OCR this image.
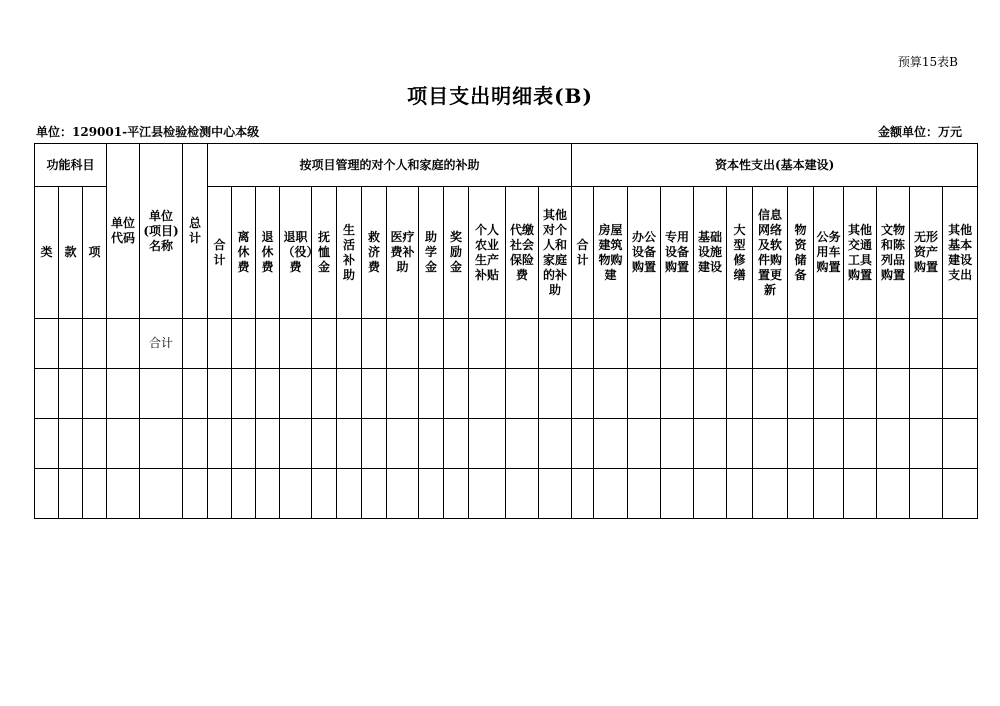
预算15表B
项目支出明细表(B)
单位：129001-平江县检验检测中心本级	金额单位：万元
功能科目			单位代码	单位(项目)名称	总计	按项目管理的对个人和家庭的补助													资本性支出(基本建设)												
类	款	项				合计	离休费	退休费	退职（役）费	抚恤金	生活补助	救济费	医疗费补助	助学金	奖励金	个人农业生产补贴	代缴社会保险费	其他对个人和家庭的补助	合计	房屋建筑物购建	办公设备购置	专用设备购置	基础设施建设	大型修缮	信息网络及软件购置更新	物资储备	公务用车购置	其他交通工具购置	文物和陈列品购置	无形资产购置	其他基本建设支出
				合计																											
